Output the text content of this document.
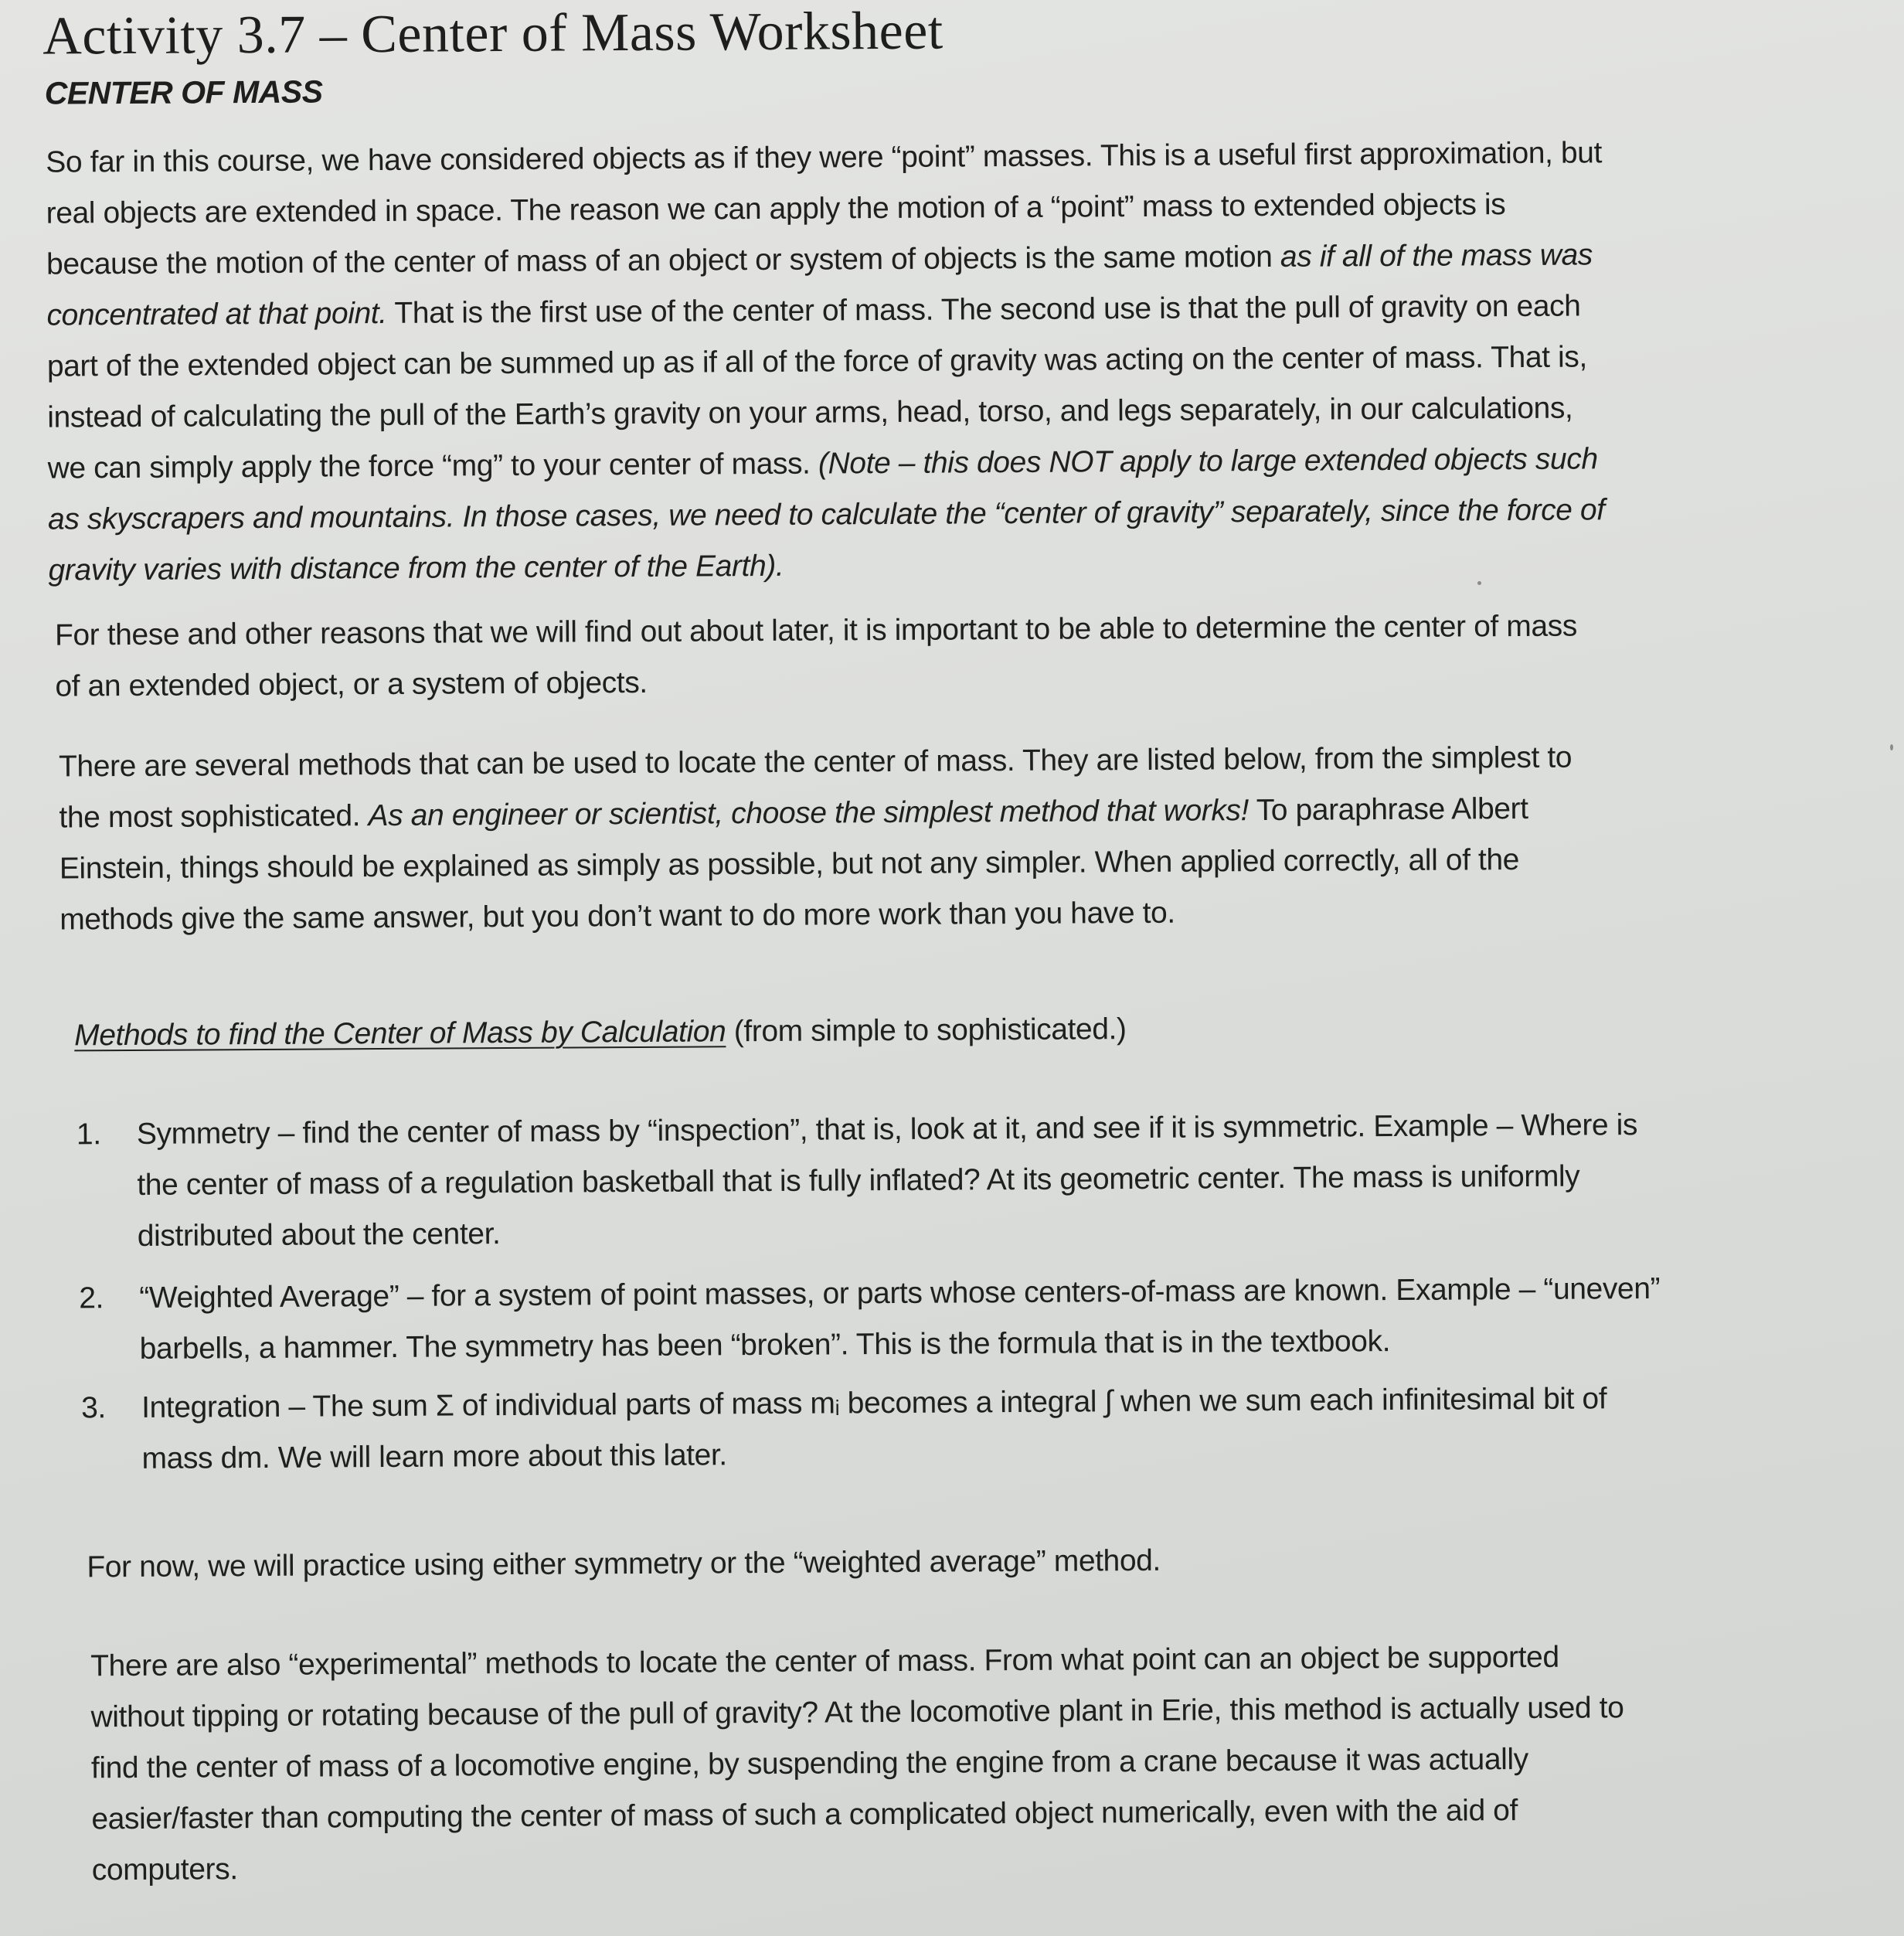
Activity 3.7 – Center of Mass Worksheet
CENTER OF MASS
So far in this course, we have considered objects as if they were “point” masses. This is a useful first approximation, but
real objects are extended in space. The reason we can apply the motion of a “point” mass to extended objects is
because the motion of the center of mass of an object or system of objects is the same motion as if all of the mass was
concentrated at that point. That is the first use of the center of mass. The second use is that the pull of gravity on each
part of the extended object can be summed up as if all of the force of gravity was acting on the center of mass. That is,
instead of calculating the pull of the Earth’s gravity on your arms, head, torso, and legs separately, in our calculations,
we can simply apply the force “mg” to your center of mass. (Note – this does NOT apply to large extended objects such
as skyscrapers and mountains. In those cases, we need to calculate the “center of gravity” separately, since the force of
gravity varies with distance from the center of the Earth).
For these and other reasons that we will find out about later, it is important to be able to determine the center of mass
of an extended object, or a system of objects.
There are several methods that can be used to locate the center of mass. They are listed below, from the simplest to
the most sophisticated. As an engineer or scientist, choose the simplest method that works! To paraphrase Albert
Einstein, things should be explained as simply as possible, but not any simpler. When applied correctly, all of the
methods give the same answer, but you don’t want to do more work than you have to.
Methods to find the Center of Mass by Calculation (from simple to sophisticated.)
1. Symmetry – find the center of mass by “inspection”, that is, look at it, and see if it is symmetric. Example – Where is
the center of mass of a regulation basketball that is fully inflated? At its geometric center. The mass is uniformly
distributed about the center.
2. “Weighted Average” – for a system of point masses, or parts whose centers-of-mass are known. Example – “uneven”
barbells, a hammer. The symmetry has been “broken”. This is the formula that is in the textbook.
3. Integration – The sum Σ of individual parts of mass mᵢ becomes a integral ∫ when we sum each infinitesimal bit of
mass dm. We will learn more about this later.
For now, we will practice using either symmetry or the “weighted average” method.
There are also “experimental” methods to locate the center of mass. From what point can an object be supported
without tipping or rotating because of the pull of gravity? At the locomotive plant in Erie, this method is actually used to
find the center of mass of a locomotive engine, by suspending the engine from a crane because it was actually
easier/faster than computing the center of mass of such a complicated object numerically, even with the aid of
computers.
